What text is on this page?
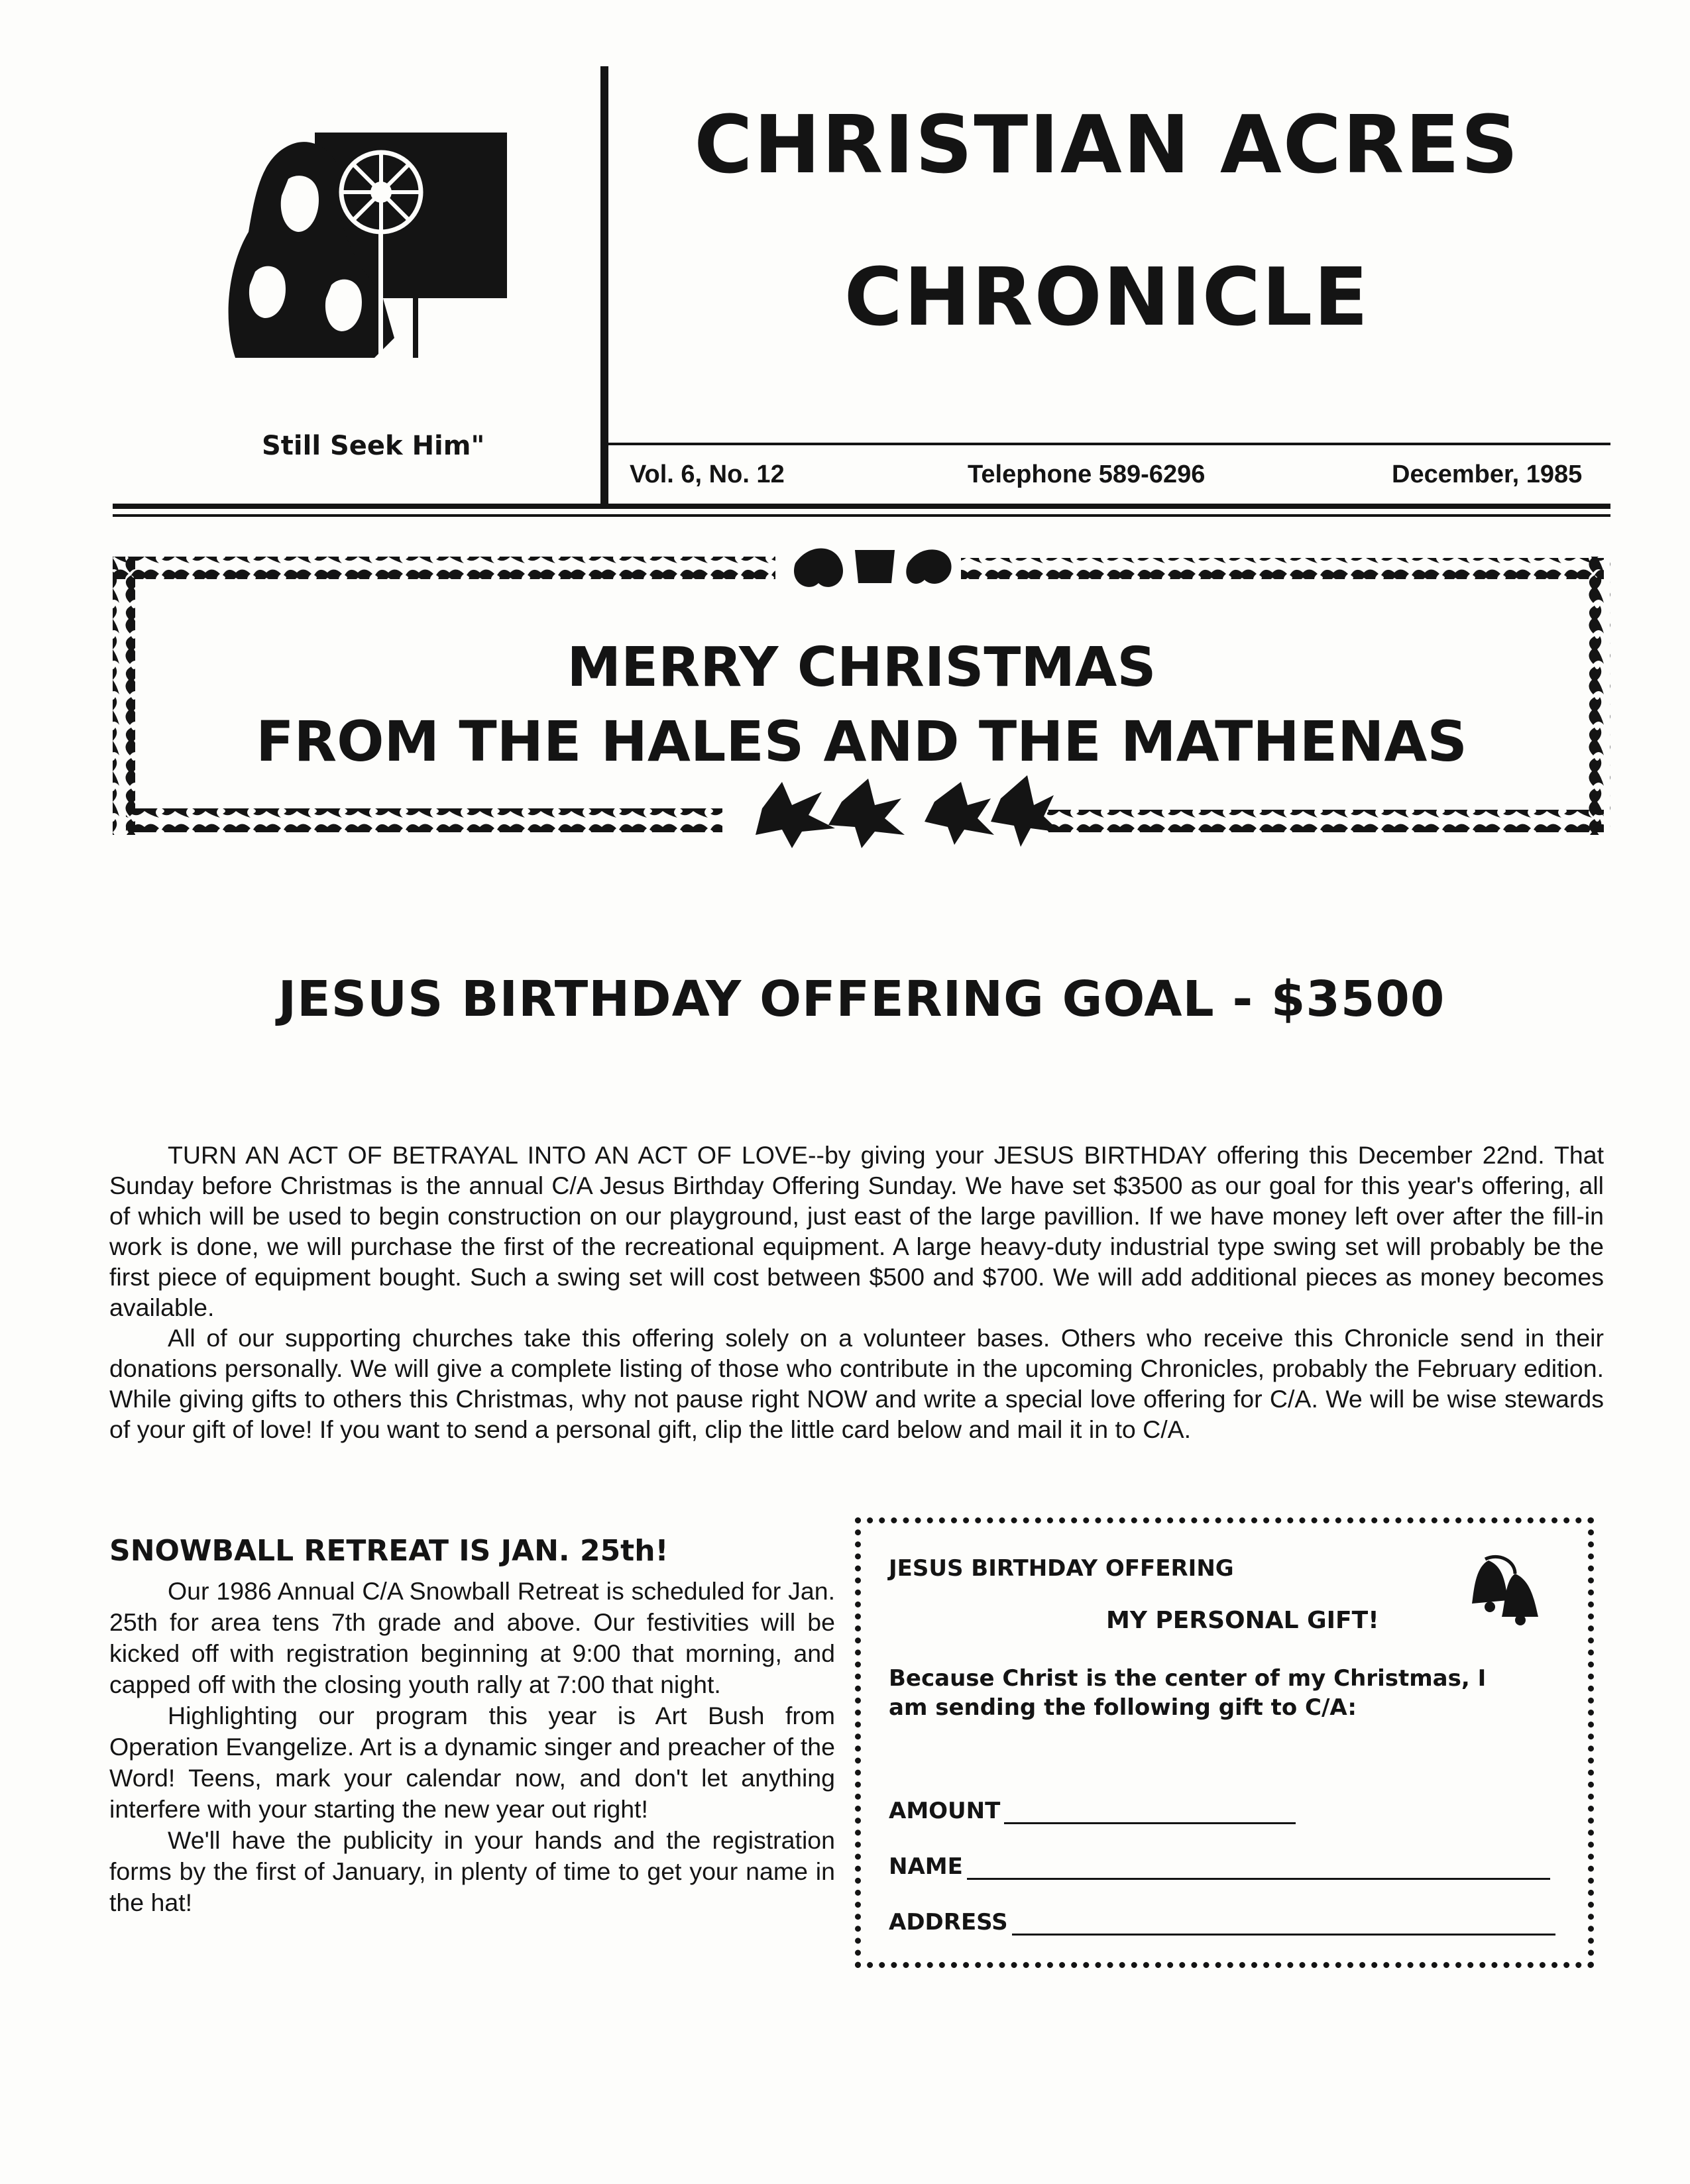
Still Seek Him"
CHRISTIAN ACRES
CHRONICLE
Vol. 6, No. 12	Telephone 589-6296	December, 1985
MERRY CHRISTMAS
FROM THE HALES AND THE MATHENAS
JESUS BIRTHDAY OFFERING GOAL - $3500

TURN AN ACT OF BETRAYAL INTO AN ACT OF LOVE--by giving your JESUS BIRTHDAY offering this December 22nd. That Sunday before Christmas is the annual C/A Jesus Birthday Offering Sunday. We have set $3500 as our goal for this year's offering, all of which will be used to begin construction on our playground, just east of the large pavillion. If we have money left over after the fill-in work is done, we will purchase the first of the recreational equipment. A large heavy-duty industrial type swing set will probably be the first piece of equipment bought. Such a swing set will cost between $500 and $700. We will add additional pieces as money becomes available.

All of our supporting churches take this offering solely on a volunteer bases. Others who receive this Chronicle send in their donations personally. We will give a complete listing of those who contribute in the upcoming Chronicles, probably the February edition. While giving gifts to others this Christmas, why not pause right NOW and write a special love offering for C/A. We will be wise stewards of your gift of love! If you want to send a personal gift, clip the little card below and mail it in to C/A.

SNOWBALL RETREAT IS JAN. 25th!

Our 1986 Annual C/A Snowball Retreat is scheduled for Jan. 25th for area tens 7th grade and above. Our festivities will be kicked off with registration beginning at 9:00 that morning, and capped off with the closing youth rally at 7:00 that night.

Highlighting our program this year is Art Bush from Operation Evangelize. Art is a dynamic singer and preacher of the Word! Teens, mark your calendar now, and don't let anything interfere with your starting the new year out right!

We'll have the publicity in your hands and the registration forms by the first of January, in plenty of time to get your name in the hat!

JESUS BIRTHDAY OFFERING
MY PERSONAL GIFT!
Because Christ is the center of my Christmas, I am sending the following gift to C/A:
AMOUNT
NAME
ADDRESS
